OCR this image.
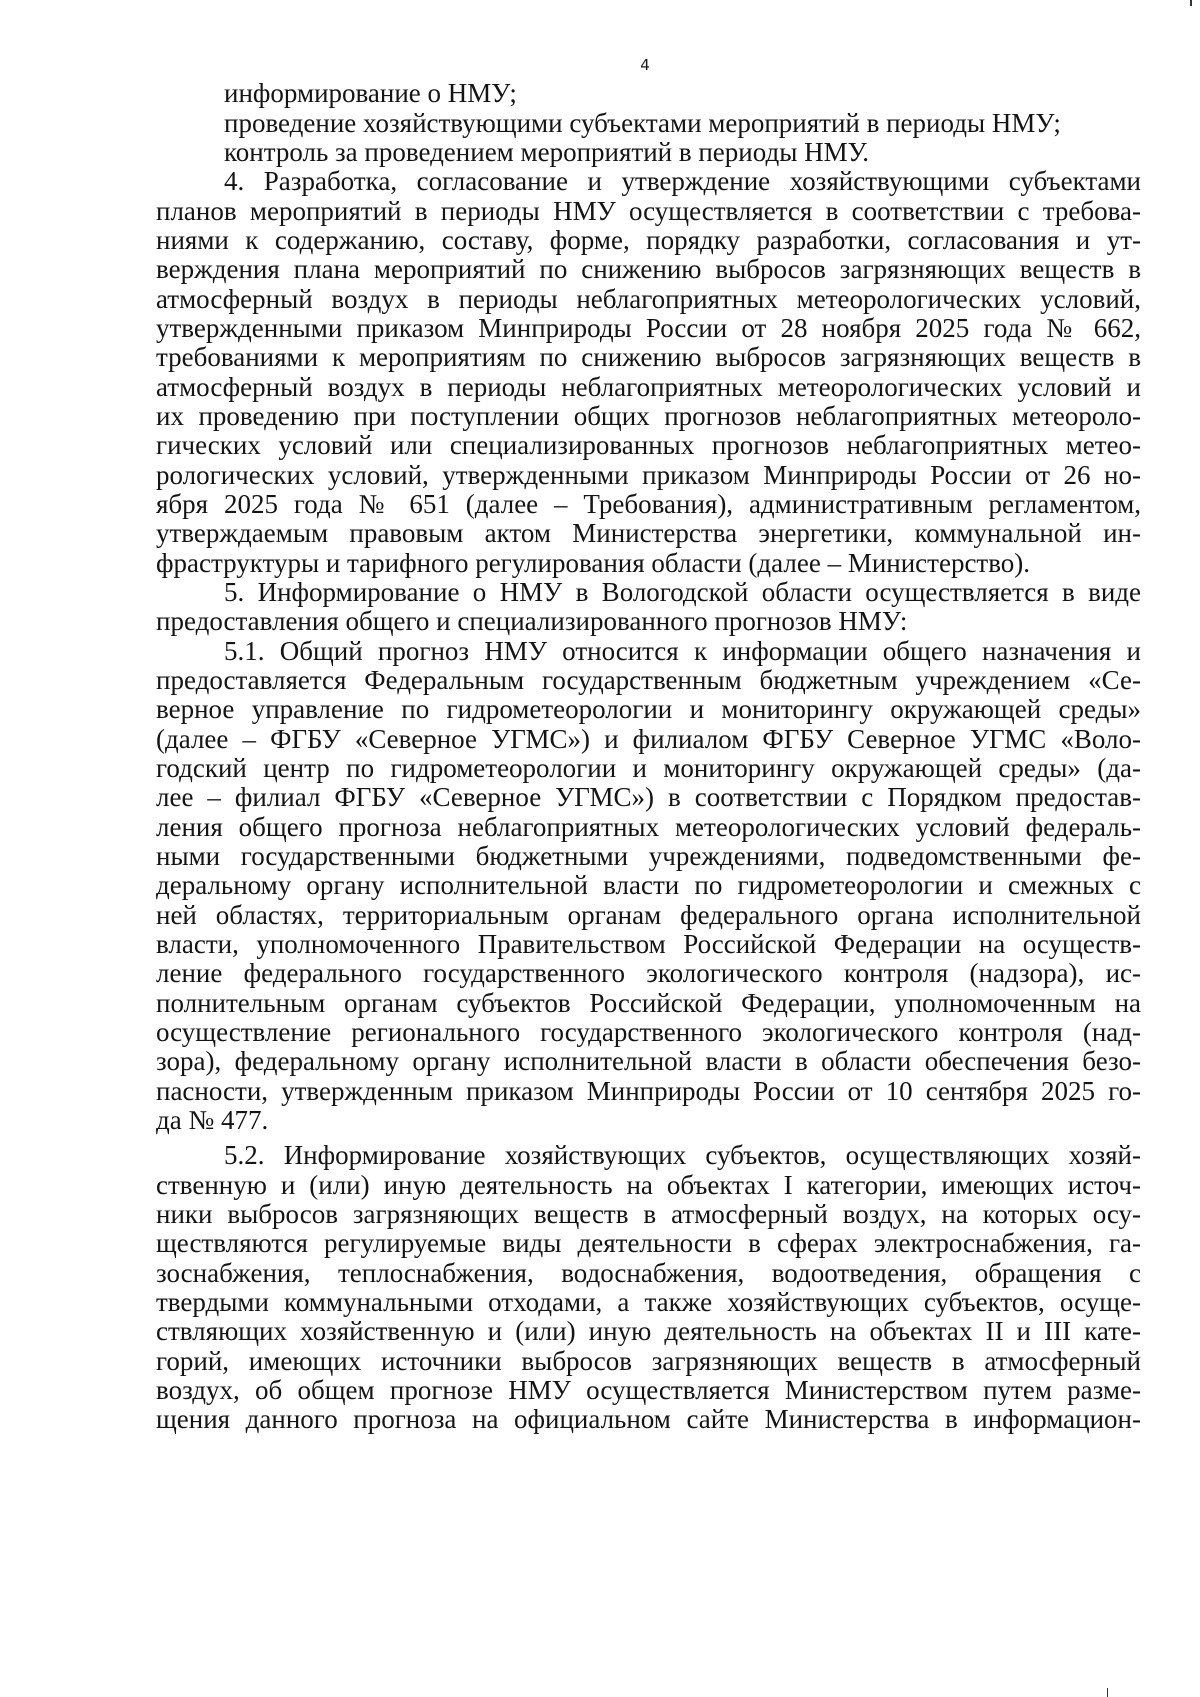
4
информирование о НМУ;
проведение хозяйствующими субъектами мероприятий в периоды НМУ;
контроль за проведением мероприятий в периоды НМУ.
4. Разработка, согласование и утверждение хозяйствующими субъектами
планов мероприятий в периоды НМУ осуществляется в соответствии с требова-
ниями к содержанию, составу, форме, порядку разработки, согласования и ут-
верждения плана мероприятий по снижению выбросов загрязняющих веществ в
атмосферный воздух в периоды неблагоприятных метеорологических условий,
утвержденными приказом Минприроды России от 28 ноября 2025 года № 662,
требованиями к мероприятиям по снижению выбросов загрязняющих веществ в
атмосферный воздух в периоды неблагоприятных метеорологических условий и
их проведению при поступлении общих прогнозов неблагоприятных метеороло-
гических условий или специализированных прогнозов неблагоприятных метео-
рологических условий, утвержденными приказом Минприроды России от 26 но-
ября 2025 года № 651 (далее – Требования), административным регламентом,
утверждаемым правовым актом Министерства энергетики, коммунальной ин-
фраструктуры и тарифного регулирования области (далее – Министерство).
5. Информирование о НМУ в Вологодской области осуществляется в виде
предоставления общего и специализированного прогнозов НМУ:
5.1. Общий прогноз НМУ относится к информации общего назначения и
предоставляется Федеральным государственным бюджетным учреждением «Се-
верное управление по гидрометеорологии и мониторингу окружающей среды»
(далее – ФГБУ «Северное УГМС») и филиалом ФГБУ Северное УГМС «Воло-
годский центр по гидрометеорологии и мониторингу окружающей среды» (да-
лее – филиал ФГБУ «Северное УГМС») в соответствии с Порядком предостав-
ления общего прогноза неблагоприятных метеорологических условий федераль-
ными государственными бюджетными учреждениями, подведомственными фе-
деральному органу исполнительной власти по гидрометеорологии и смежных с
ней областях, территориальным органам федерального органа исполнительной
власти, уполномоченного Правительством Российской Федерации на осуществ-
ление федерального государственного экологического контроля (надзора), ис-
полнительным органам субъектов Российской Федерации, уполномоченным на
осуществление регионального государственного экологического контроля (над-
зора), федеральному органу исполнительной власти в области обеспечения безо-
пасности, утвержденным приказом Минприроды России от 10 сентября 2025 го-
да № 477.
5.2. Информирование хозяйствующих субъектов, осуществляющих хозяй-
ственную и (или) иную деятельность на объектах I категории, имеющих источ-
ники выбросов загрязняющих веществ в атмосферный воздух, на которых осу-
ществляются регулируемые виды деятельности в сферах электроснабжения, га-
зоснабжения, теплоснабжения, водоснабжения, водоотведения, обращения с
твердыми коммунальными отходами, а также хозяйствующих субъектов, осуще-
ствляющих хозяйственную и (или) иную деятельность на объектах II и III кате-
горий, имеющих источники выбросов загрязняющих веществ в атмосферный
воздух, об общем прогнозе НМУ осуществляется Министерством путем разме-
щения данного прогноза на официальном сайте Министерства в информацион-
